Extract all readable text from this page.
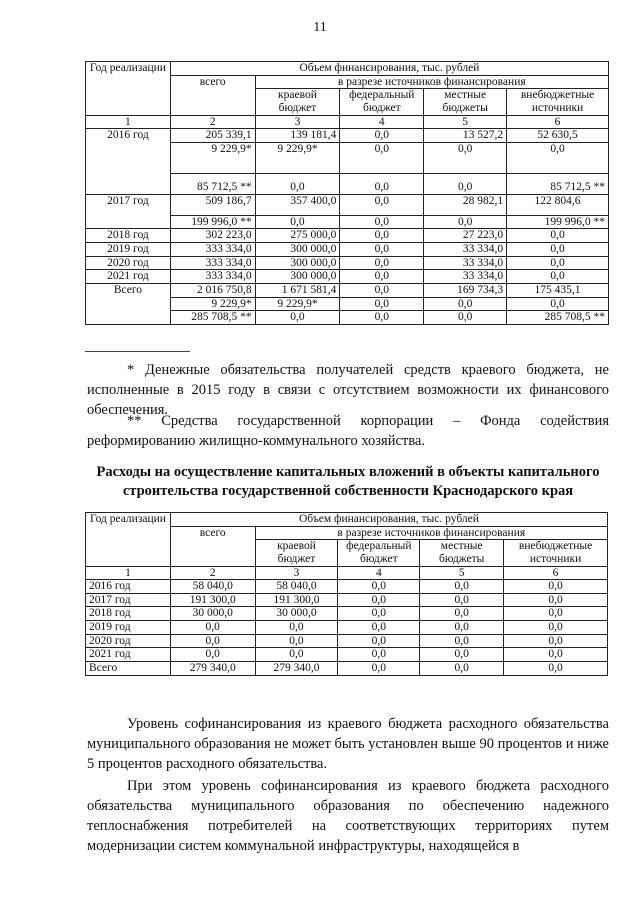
11
Год реализации	Объем финансирования, тыс. рублей				
	всего	в разрезе источников финансирования			
		краевой бюджет	федеральный бюджет	местные бюджеты	внебюджетные источники
1	2	3	4	5	6
2016 год	205 339,1	139 181,4	0,0	13 527,2	52 630,5
	9 229,9*	9 229,9*	0,0	0,0	0,0
	85 712,5 **	0,0	0,0	0,0	85 712,5 **
2017 год	509 186,7	357 400,0	0,0	28 982,1	122 804,6
	199 996,0 **	0,0	0,0	0,0	199 996,0 **
2018 год	302 223,0	275 000,0	0,0	27 223,0	0,0
2019 год	333 334,0	300 000,0	0,0	33 334,0	0,0
2020 год	333 334,0	300 000,0	0,0	33 334,0	0,0
2021 год	333 334,0	300 000,0	0,0	33 334,0	0,0
Всего	2 016 750,8	1 671 581,4	0,0	169 734,3	175 435,1
	9 229,9*	9 229,9*	0,0	0,0	0,0
	285 708,5 **	0,0	0,0	0,0	285 708,5 **

* Денежные обязательства получателей средств краевого бюджета, не исполненные в 2015 году в связи с отсутствием возможности их финансового обеспечения.

** Средства государственной корпорации – Фонда содействия реформированию жилищно-коммунального хозяйства.

Расходы на осуществление капитальных вложений в объекты капитального строительства государственной собственности Краснодарского края
Год реализации	Объем финансирования, тыс. рублей				
	всего	в разрезе источников финансирования			
		краевой бюджет	федеральный бюджет	местные бюджеты	внебюджетные источники
1	2	3	4	5	6
2016 год	58 040,0	58 040,0	0,0	0,0	0,0
2017 год	191 300,0	191 300,0	0,0	0,0	0,0
2018 год	30 000,0	30 000,0	0,0	0,0	0,0
2019 год	0,0	0,0	0,0	0,0	0,0
2020 год	0,0	0,0	0,0	0,0	0,0
2021 год	0,0	0,0	0,0	0,0	0,0
Всего	279 340,0	279 340,0	0,0	0,0	0,0

Уровень софинансирования из краевого бюджета расходного обязательства муниципального образования не может быть установлен выше 90 процентов и ниже 5 процентов расходного обязательства.

При этом уровень софинансирования из краевого бюджета расходного обязательства муниципального образования по обеспечению надежного теплоснабжения потребителей на соответствующих территориях путем модернизации систем коммунальной инфраструктуры, находящейся в
